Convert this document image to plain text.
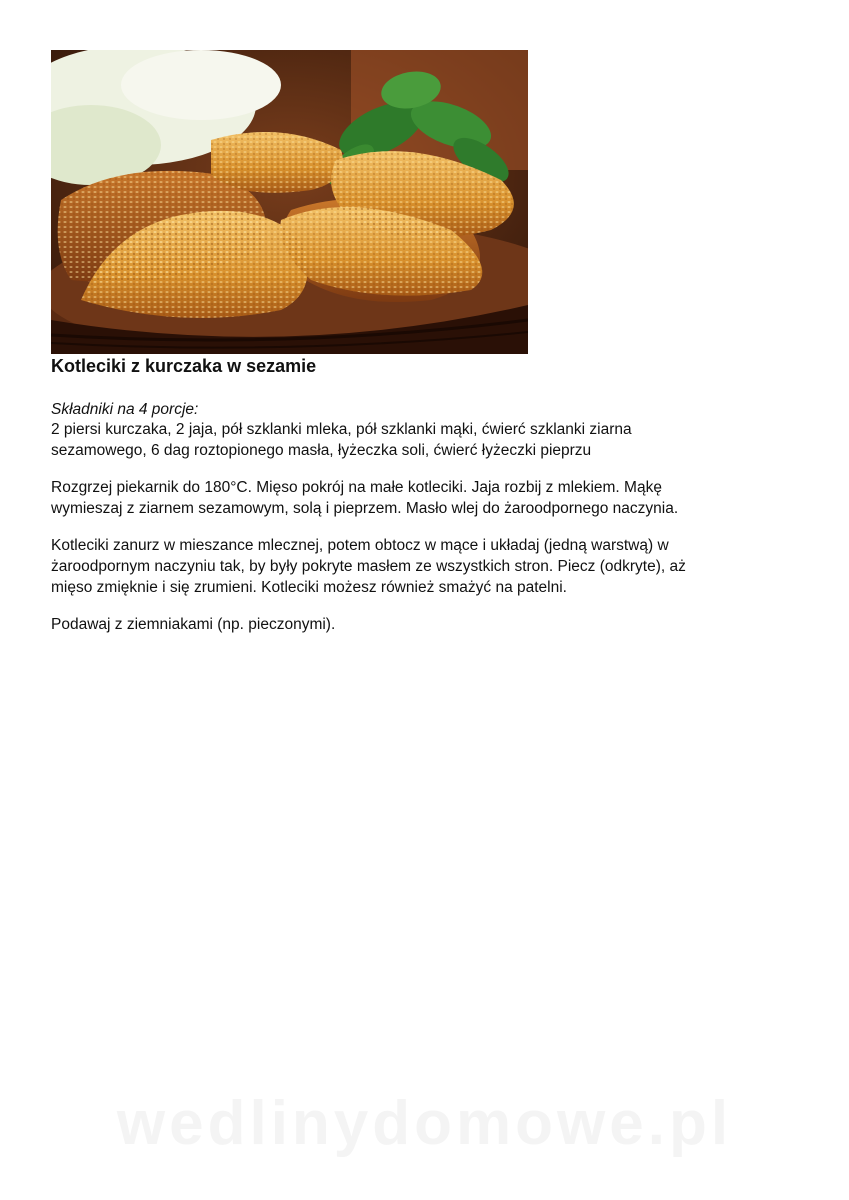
Kotleciki z kurczaka w sezamie
Składniki na 4 porcje:
2 piersi kurczaka, 2 jaja, pół szklanki mleka, pół szklanki mąki, ćwierć szklanki ziarna
sezamowego, 6 dag roztopionego masła, łyżeczka soli, ćwierć łyżeczki pieprzu
Rozgrzej piekarnik do 180°C. Mięso pokrój na małe kotleciki. Jaja rozbij z mlekiem. Mąkę
wymieszaj z ziarnem sezamowym, solą i pieprzem. Masło wlej do żaroodpornego naczynia.
Kotleciki zanurz w mieszance mlecznej, potem obtocz w mące i układaj (jedną warstwą) w
żaroodpornym naczyniu tak, by były pokryte masłem ze wszystkich stron. Piecz (odkryte), aż
mięso zmięknie i się zrumieni. Kotleciki możesz również smażyć na patelni.
Podawaj z ziemniakami (np. pieczonymi).
wedlinydomowe.pl
